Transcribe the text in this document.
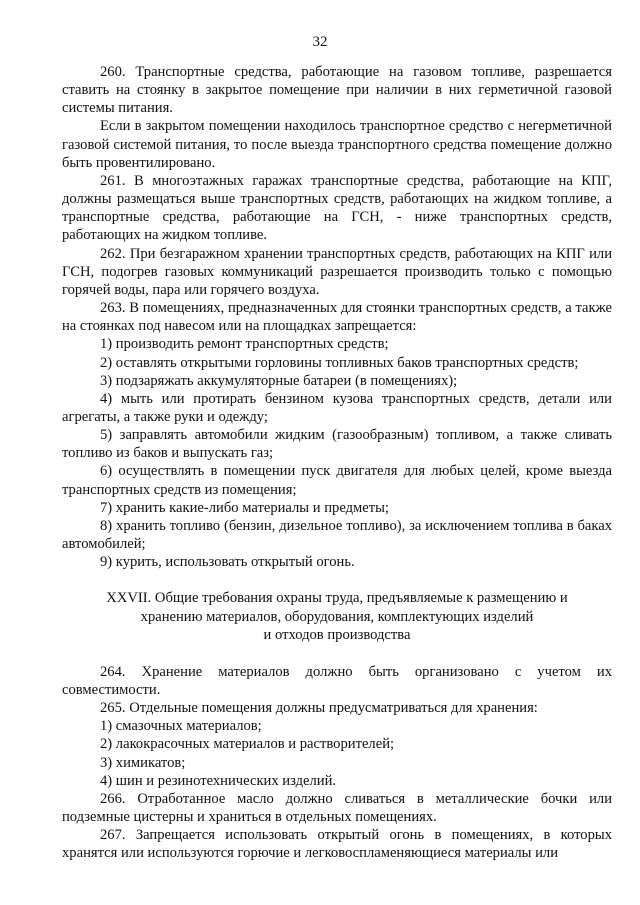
32

260. Транспортные средства, работающие на газовом топливе, разрешается ставить на стоянку в закрытое помещение при наличии в них герметичной газовой системы питания.

Если в закрытом помещении находилось транспортное средство с негерметичной газовой системой питания, то после выезда транспортного средства помещение должно быть провентилировано.

261. В многоэтажных гаражах транспортные средства, работающие на КПГ, должны размещаться выше транспортных средств, работающих на жидком топливе, а транспортные средства, работающие на ГСН, - ниже транспортных средств, работающих на жидком топливе.

262. При безгаражном хранении транспортных средств, работающих на КПГ или ГСН, подогрев газовых коммуникаций разрешается производить только с помощью горячей воды, пара или горячего воздуха.

263. В помещениях, предназначенных для стоянки транспортных средств, а также на стоянках под навесом или на площадках запрещается:

1) производить ремонт транспортных средств;

2) оставлять открытыми горловины топливных баков транспортных средств;

3) подзаряжать аккумуляторные батареи (в помещениях);

4) мыть или протирать бензином кузова транспортных средств, детали или агрегаты, а также руки и одежду;

5) заправлять автомобили жидким (газообразным) топливом, а также сливать топливо из баков и выпускать газ;

6) осуществлять в помещении пуск двигателя для любых целей, кроме выезда транспортных средств из помещения;

7) хранить какие-либо материалы и предметы;

8) хранить топливо (бензин, дизельное топливо), за исключением топлива в баках автомобилей;

9) курить, использовать открытый огонь.

XXVII. Общие требования охраны труда, предъявляемые к размещению и
хранению материалов, оборудования, комплектующих изделий
и отходов производства

264. Хранение материалов должно быть организовано с учетом их совместимости.

265. Отдельные помещения должны предусматриваться для хранения:

1) смазочных материалов;

2) лакокрасочных материалов и растворителей;

3) химикатов;

4) шин и резинотехнических изделий.

266. Отработанное масло должно сливаться в металлические бочки или подземные цистерны и храниться в отдельных помещениях.

267. Запрещается использовать открытый огонь в помещениях, в которых хранятся или используются горючие и легковоспламеняющиеся материалы или
